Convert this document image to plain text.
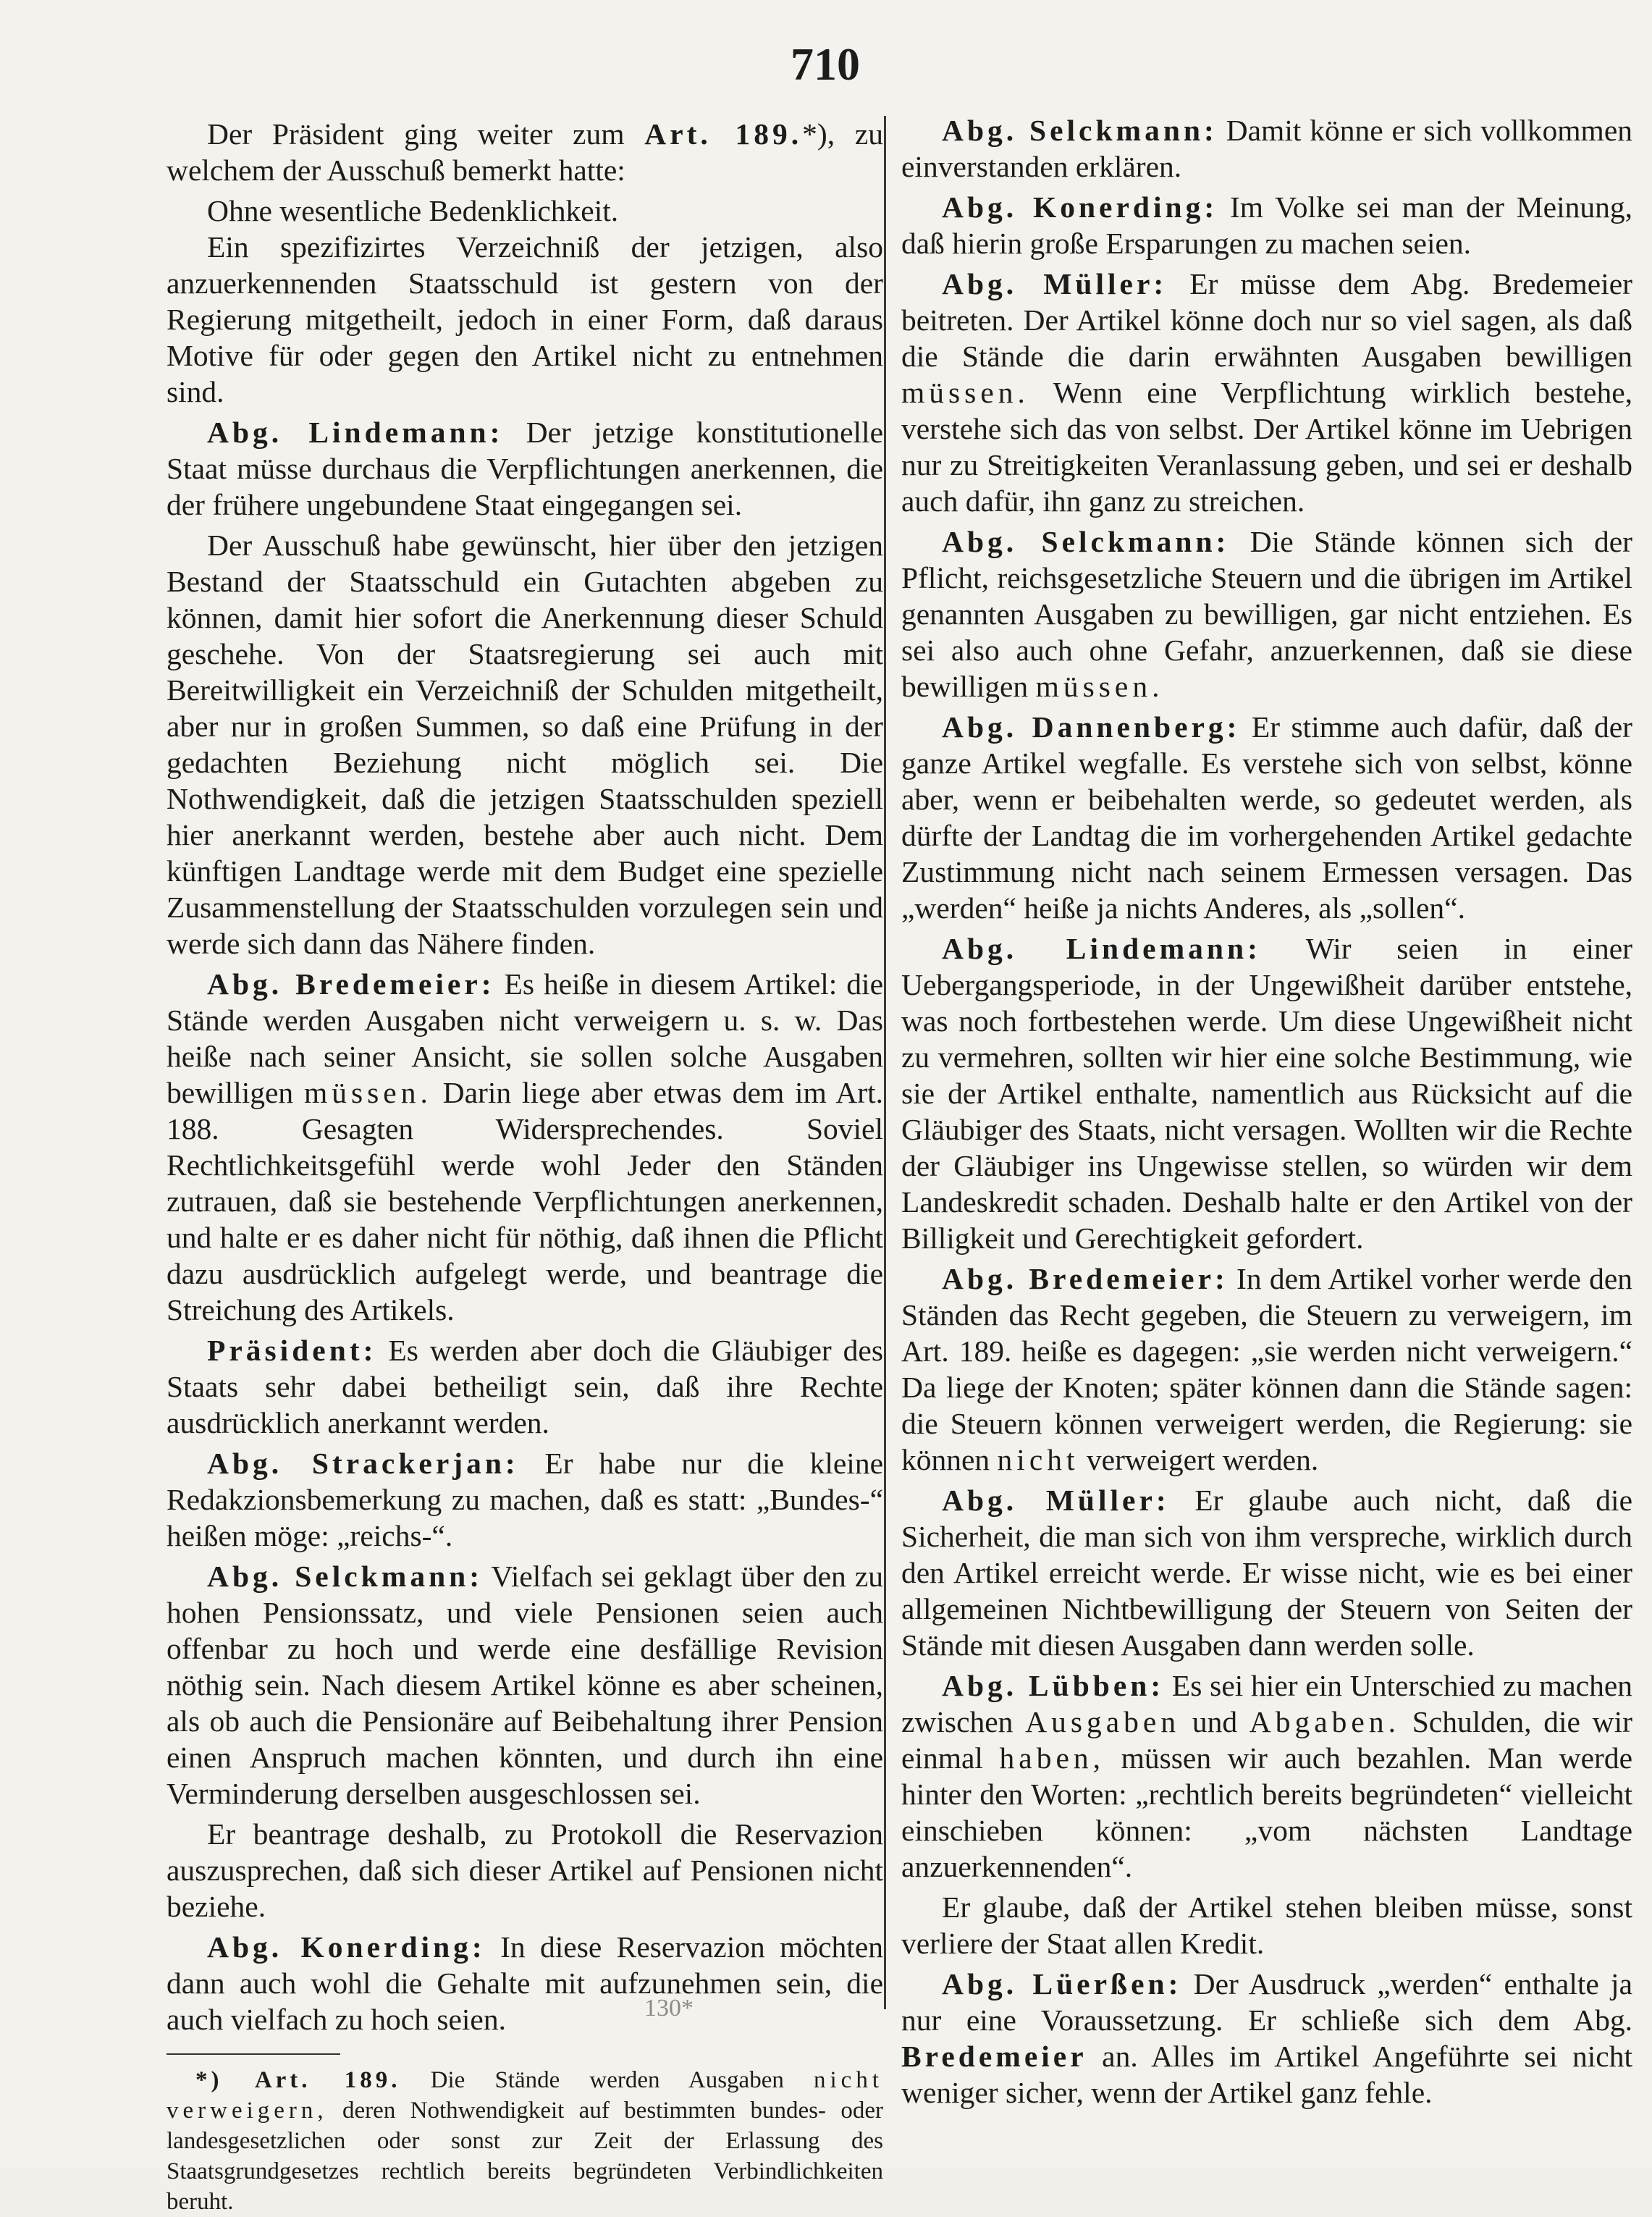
710

Der Präsident ging weiter zum Art. 189.*), zu welchem der Ausschuß bemerkt hatte:

Ohne wesentliche Bedenklichkeit.

Ein spezifizirtes Verzeichniß der jetzigen, also anzuerkennenden Staatsschuld ist gestern von der Regierung mitgetheilt, jedoch in einer Form, daß daraus Motive für oder gegen den Artikel nicht zu entnehmen sind.

Abg. Lindemann: Der jetzige konstitutionelle Staat müsse durchaus die Verpflichtungen anerkennen, die der frühere ungebundene Staat eingegangen sei.

Der Ausschuß habe gewünscht, hier über den jetzigen Bestand der Staatsschuld ein Gutachten abgeben zu können, damit hier sofort die Anerkennung dieser Schuld geschehe. Von der Staatsregierung sei auch mit Bereitwilligkeit ein Verzeichniß der Schulden mitgetheilt, aber nur in großen Summen, so daß eine Prüfung in der gedachten Beziehung nicht möglich sei. Die Nothwendigkeit, daß die jetzigen Staatsschulden speziell hier anerkannt werden, bestehe aber auch nicht. Dem künftigen Landtage werde mit dem Budget eine spezielle Zusammenstellung der Staatsschulden vorzulegen sein und werde sich dann das Nähere finden.

Abg. Bredemeier: Es heiße in diesem Artikel: die Stände werden Ausgaben nicht verweigern u. s. w. Das heiße nach seiner Ansicht, sie sollen solche Ausgaben bewilligen müssen. Darin liege aber etwas dem im Art. 188. Gesagten Widersprechendes. Soviel Rechtlichkeitsgefühl werde wohl Jeder den Ständen zutrauen, daß sie bestehende Verpflichtungen anerkennen, und halte er es daher nicht für nöthig, daß ihnen die Pflicht dazu ausdrücklich aufgelegt werde, und beantrage die Streichung des Artikels.

Präsident: Es werden aber doch die Gläubiger des Staats sehr dabei betheiligt sein, daß ihre Rechte ausdrücklich anerkannt werden.

Abg. Strackerjan: Er habe nur die kleine Redakzionsbemerkung zu machen, daß es statt: „Bundes-“ heißen möge: „reichs-“.

Abg. Selckmann: Vielfach sei geklagt über den zu hohen Pensionssatz, und viele Pensionen seien auch offenbar zu hoch und werde eine desfällige Revision nöthig sein. Nach diesem Artikel könne es aber scheinen, als ob auch die Pensionäre auf Beibehaltung ihrer Pension einen Anspruch machen könnten, und durch ihn eine Verminderung derselben ausgeschlossen sei.

Er beantrage deshalb, zu Protokoll die Reservazion auszusprechen, daß sich dieser Artikel auf Pensionen nicht beziehe.

Abg. Konerding: In diese Reservazion möchten dann auch wohl die Gehalte mit aufzunehmen sein, die auch vielfach zu hoch seien.

*) Art. 189. Die Stände werden Ausgaben nicht verweigern, deren Nothwendigkeit auf bestimmten bundes- oder landesgesetzlichen oder sonst zur Zeit der Erlassung des Staatsgrundgesetzes rechtlich bereits begründeten Verbindlichkeiten beruht.

Abg. Selckmann: Damit könne er sich vollkommen einverstanden erklären.

Abg. Konerding: Im Volke sei man der Meinung, daß hierin große Ersparungen zu machen seien.

Abg. Müller: Er müsse dem Abg. Bredemeier beitreten. Der Artikel könne doch nur so viel sagen, als daß die Stände die darin erwähnten Ausgaben bewilligen müssen. Wenn eine Verpflichtung wirklich bestehe, verstehe sich das von selbst. Der Artikel könne im Uebrigen nur zu Streitigkeiten Veranlassung geben, und sei er deshalb auch dafür, ihn ganz zu streichen.

Abg. Selckmann: Die Stände können sich der Pflicht, reichsgesetzliche Steuern und die übrigen im Artikel genannten Ausgaben zu bewilligen, gar nicht entziehen. Es sei also auch ohne Gefahr, anzuerkennen, daß sie diese bewilligen müssen.

Abg. Dannenberg: Er stimme auch dafür, daß der ganze Artikel wegfalle. Es verstehe sich von selbst, könne aber, wenn er beibehalten werde, so gedeutet werden, als dürfte der Landtag die im vorhergehenden Artikel gedachte Zustimmung nicht nach seinem Ermessen versagen. Das „werden“ heiße ja nichts Anderes, als „sollen“.

Abg. Lindemann: Wir seien in einer Uebergangsperiode, in der Ungewißheit darüber entstehe, was noch fortbestehen werde. Um diese Ungewißheit nicht zu vermehren, sollten wir hier eine solche Bestimmung, wie sie der Artikel enthalte, namentlich aus Rücksicht auf die Gläubiger des Staats, nicht versagen. Wollten wir die Rechte der Gläubiger ins Ungewisse stellen, so würden wir dem Landeskredit schaden. Deshalb halte er den Artikel von der Billigkeit und Gerechtigkeit gefordert.

Abg. Bredemeier: In dem Artikel vorher werde den Ständen das Recht gegeben, die Steuern zu verweigern, im Art. 189. heiße es dagegen: „sie werden nicht verweigern.“ Da liege der Knoten; später können dann die Stände sagen: die Steuern können verweigert werden, die Regierung: sie können nicht verweigert werden.

Abg. Müller: Er glaube auch nicht, daß die Sicherheit, die man sich von ihm verspreche, wirklich durch den Artikel erreicht werde. Er wisse nicht, wie es bei einer allgemeinen Nichtbewilligung der Steuern von Seiten der Stände mit diesen Ausgaben dann werden solle.

Abg. Lübben: Es sei hier ein Unterschied zu machen zwischen Ausgaben und Abgaben. Schulden, die wir einmal haben, müssen wir auch bezahlen. Man werde hinter den Worten: „rechtlich bereits begründeten“ vielleicht einschieben können: „vom nächsten Landtage anzuerkennenden“.

Er glaube, daß der Artikel stehen bleiben müsse, sonst verliere der Staat allen Kredit.

Abg. Lüerßen: Der Ausdruck „werden“ enthalte ja nur eine Voraussetzung. Er schließe sich dem Abg. Bredemeier an. Alles im Artikel Angeführte sei nicht weniger sicher, wenn der Artikel ganz fehle.

130*
